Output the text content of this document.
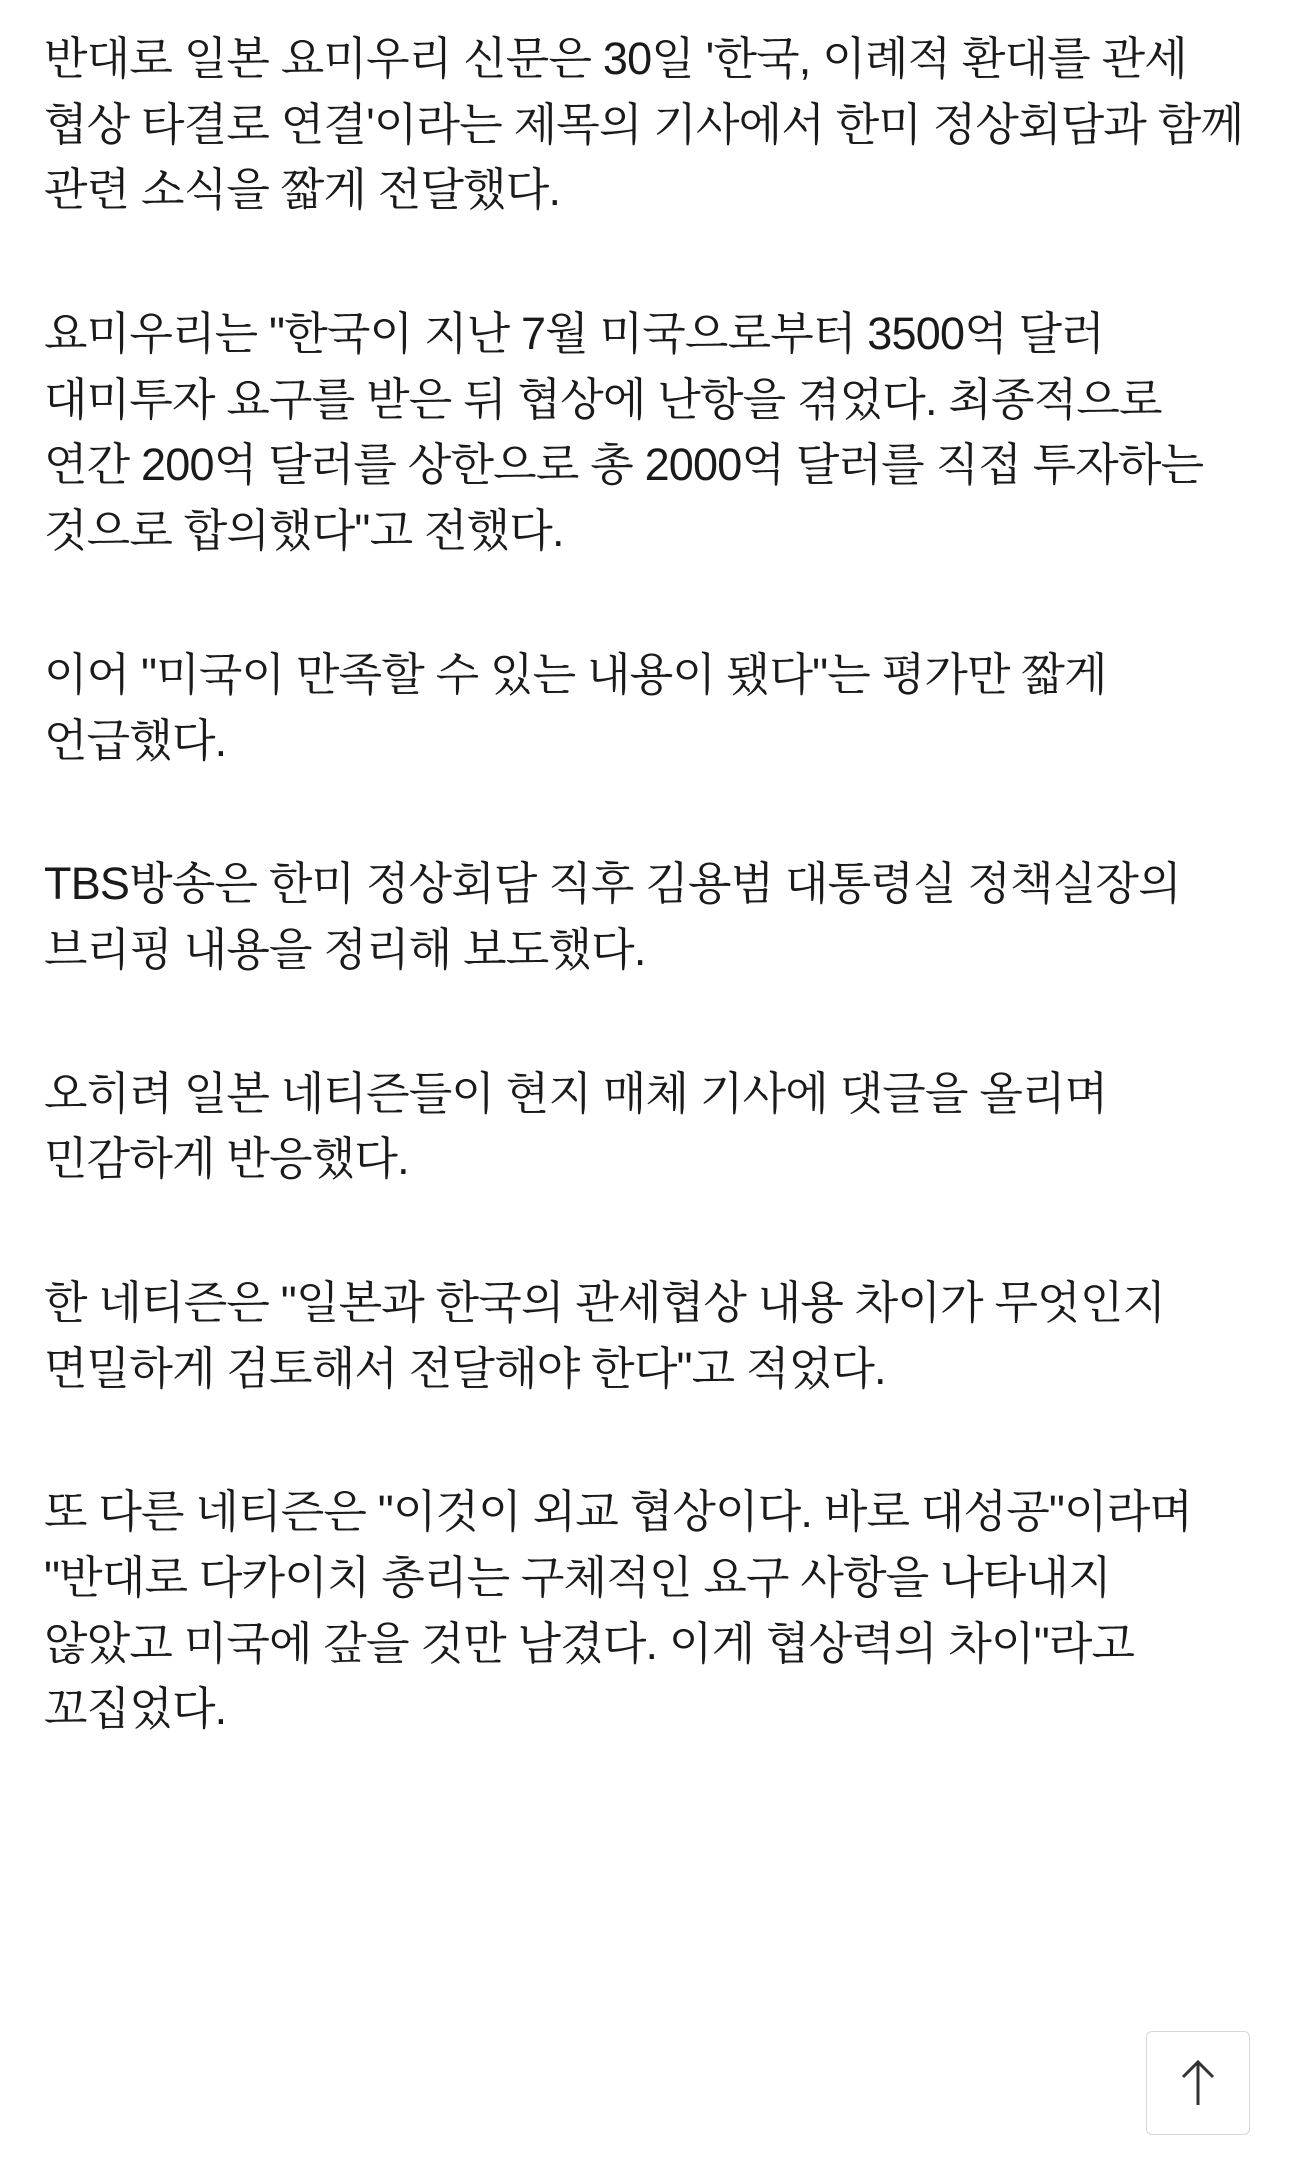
반대로 일본 요미우리 신문은 30일 '한국, 이례적 환대를 관세 협상 타결로 연결'이라는 제목의 기사에서 한미 정상회담과 함께 관련 소식을 짧게 전달했다.

요미우리는 "한국이 지난 7월 미국으로부터 3500억 달러 대미투자 요구를 받은 뒤 협상에 난항을 겪었다. 최종적으로 연간 200억 달러를 상한으로 총 2000억 달러를 직접 투자하는 것으로 합의했다"고 전했다.

이어 "미국이 만족할 수 있는 내용이 됐다"는 평가만 짧게 언급했다.

TBS방송은 한미 정상회담 직후 김용범 대통령실 정책실장의 브리핑 내용을 정리해 보도했다.

오히려 일본 네티즌들이 현지 매체 기사에 댓글을 올리며 민감하게 반응했다.

한 네티즌은 "일본과 한국의 관세협상 내용 차이가 무엇인지 면밀하게 검토해서 전달해야 한다"고 적었다.

또 다른 네티즌은 "이것이 외교 협상이다. 바로 대성공"이라며 "반대로 다카이치 총리는 구체적인 요구 사항을 나타내지 않았고 미국에 갚을 것만 남겼다. 이게 협상력의 차이"라고 꼬집었다.
